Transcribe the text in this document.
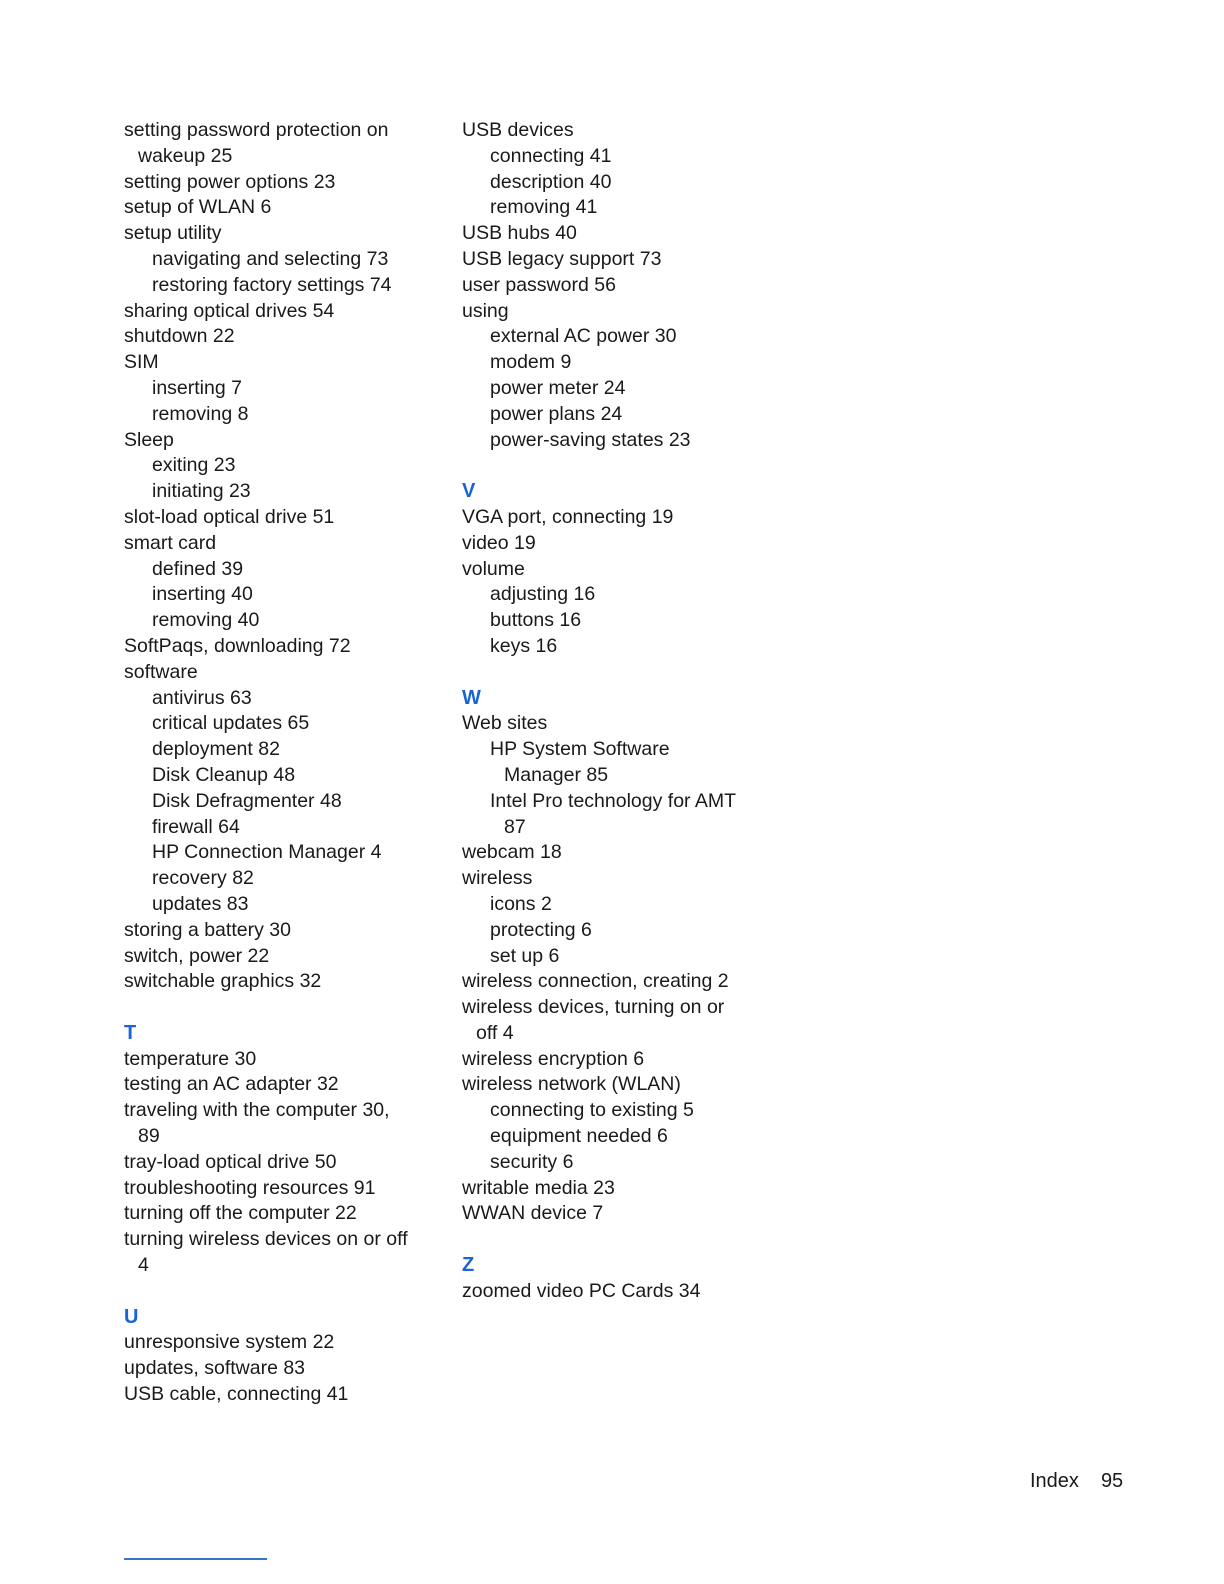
setting password protection on
wakeup 25
setting power options 23
setup of WLAN 6
setup utility
navigating and selecting 73
restoring factory settings 74
sharing optical drives 54
shutdown 22
SIM
inserting 7
removing 8
Sleep
exiting 23
initiating 23
slot-load optical drive 51
smart card
defined 39
inserting 40
removing 40
SoftPaqs, downloading 72
software
antivirus 63
critical updates 65
deployment 82
Disk Cleanup 48
Disk Defragmenter 48
firewall 64
HP Connection Manager 4
recovery 82
updates 83
storing a battery 30
switch, power 22
switchable graphics 32
T
temperature 30
testing an AC adapter 32
traveling with the computer 30,
89
tray-load optical drive 50
troubleshooting resources 91
turning off the computer 22
turning wireless devices on or off
4
U
unresponsive system 22
updates, software 83
USB cable, connecting 41
USB devices
connecting 41
description 40
removing 41
USB hubs 40
USB legacy support 73
user password 56
using
external AC power 30
modem 9
power meter 24
power plans 24
power-saving states 23
V
VGA port, connecting 19
video 19
volume
adjusting 16
buttons 16
keys 16
W
Web sites
HP System Software
Manager 85
Intel Pro technology for AMT
87
webcam 18
wireless
icons 2
protecting 6
set up 6
wireless connection, creating 2
wireless devices, turning on or
off 4
wireless encryption 6
wireless network (WLAN)
connecting to existing 5
equipment needed 6
security 6
writable media 23
WWAN device 7
Z
zoomed video PC Cards 34
Index 95
